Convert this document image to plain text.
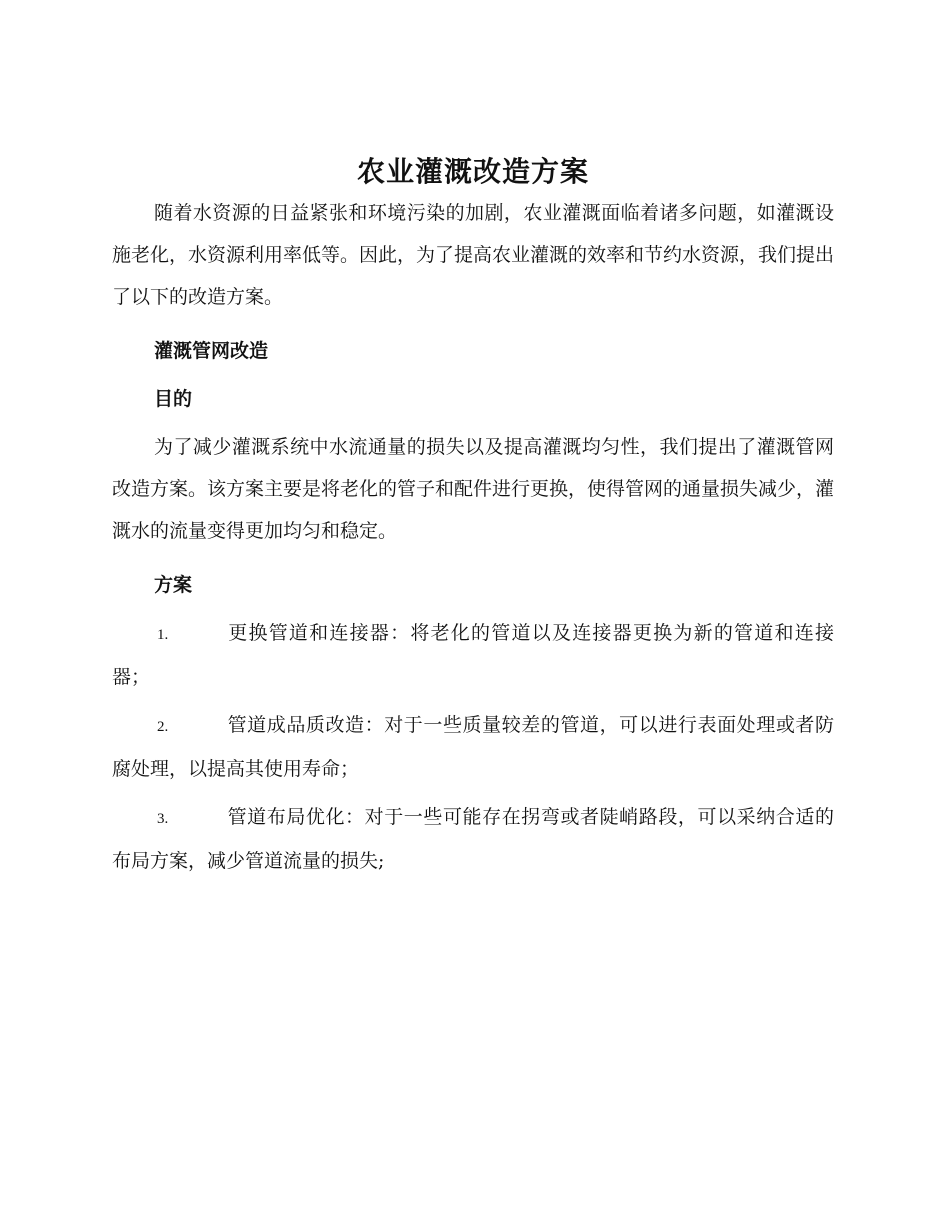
农业灌溉改造方案

随着水资源的日益紧张和环境污染的加剧，农业灌溉面临着诸多问题，如灌溉设施老化，水资源利用率低等。因此，为了提高农业灌溉的效率和节约水资源，我们提出了以下的改造方案。

灌溉管网改造

目的

为了减少灌溉系统中水流通量的损失以及提高灌溉均匀性，我们提出了灌溉管网改造方案。该方案主要是将老化的管子和配件进行更换，使得管网的通量损失减少，灌溉水的流量变得更加均匀和稳定。

方案

1.	更换管道和连接器：将老化的管道以及连接器更换为新的管道和连接器；

2.	管道成品质改造：对于一些质量较差的管道，可以进行表面处理或者防腐处理，以提高其使用寿命；

3.	管道布局优化：对于一些可能存在拐弯或者陡峭路段，可以采纳合适的布局方案，减少管道流量的损失;
